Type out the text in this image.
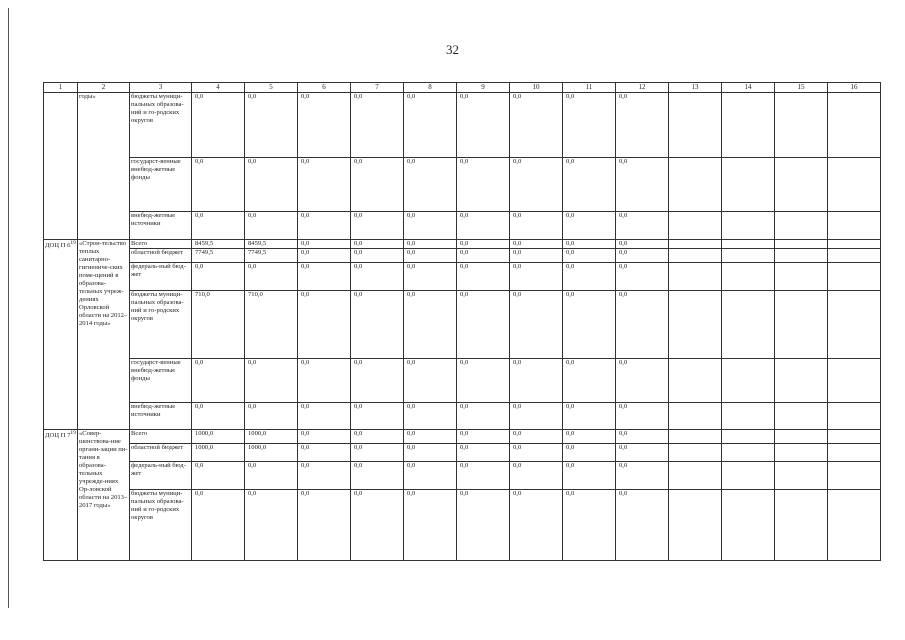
32
1	2	3	4	5	6	7	8	9	10	11	12	13	14	15	16
	годы»	бюджеты муници-пальных образова-ний и го-родских округов	0,0	0,0	0,0	0,0	0,0	0,0	0,0	0,0	0,0				
		государст-венные внебюд-жетные фонды	0,0	0,0	0,0	0,0	0,0	0,0	0,0	0,0	0,0				
		внебюд-жетные источники	0,0	0,0	0,0	0,0	0,0	0,0	0,0	0,0	0,0				
ДОЦ П $6^{19}$	«Строи-тельство теплых санитарно-гигиениче-ских поме-щений в образова-тельных учреж-дениях Орловской области на 2012–2014 годы»	Всего	8459,5	8459,5	0,0	0,0	0,0	0,0	0,0	0,0	0,0				
		областной бюджет	7749,5	7749,5	0,0	0,0	0,0	0,0	0,0	0,0	0,0				
		федераль-ный бюд-жет	0,0	0,0	0,0	0,0	0,0	0,0	0,0	0,0	0,0				
		бюджеты муници-пальных образова-ний и го-родских округов	710,0	710,0	0,0	0,0	0,0	0,0	0,0	0,0	0,0				
		государст-венные внебюд-жетные фонды	0,0	0,0	0,0	0,0	0,0	0,0	0,0	0,0	0,0				
		внебюд-жетные источники	0,0	0,0	0,0	0,0	0,0	0,0	0,0	0,0	0,0				
ДОЦ П $7^{19}$	«Совер-шенствова-ние органи-зации пи-тания в образова-тельных учрежде-ниях Ор-ловской области на 2013–2017 годы»	Всего	1000,0	1000,0	0,0	0,0	0,0	0,0	0,0	0,0	0,0				
		областной бюджет	1000,0	1000,0	0,0	0,0	0,0	0,0	0,0	0,0	0,0				
		федераль-ный бюд-жет	0,0	0,0	0,0	0,0	0,0	0,0	0,0	0,0	0,0				
		бюджеты муници-пальных образова-ний и го-родских округов	0,0	0,0	0,0	0,0	0,0	0,0	0,0	0,0	0,0				
